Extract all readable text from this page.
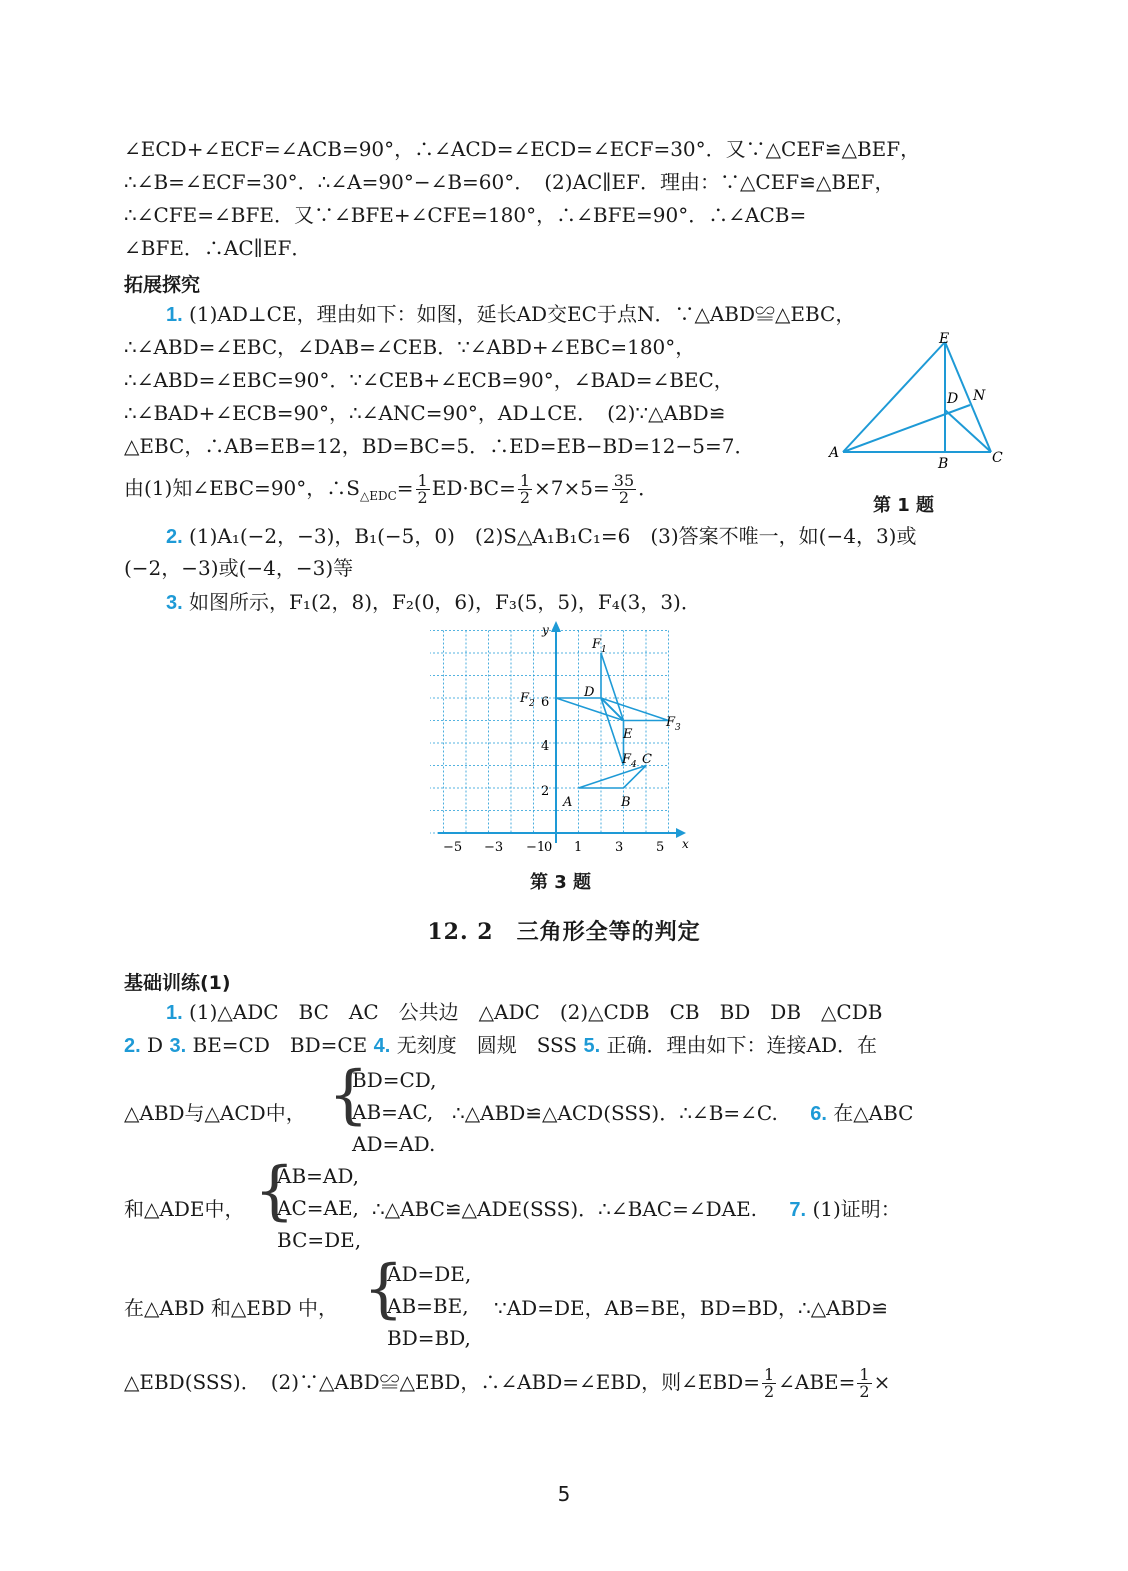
∠ECD+∠ECF=∠ACB=90°，∴∠ACD=∠ECD=∠ECF=30°．又∵△CEF≌△BEF，
∴∠B=∠ECF=30°．∴∠A=90°−∠B=60°．　(2)AC∥EF．理由：∵△CEF≌△BEF，
∴∠CFE=∠BFE．又∵∠BFE+∠CFE=180°，∴∠BFE=90°．∴∠ACB=
∠BFE．∴AC∥EF．
拓展探究
1. (1)AD⊥CE，理由如下：如图，延长AD交EC于点N．∵△ABD≌△EBC，
∴∠ABD=∠EBC，∠DAB=∠CEB．∵∠ABD+∠EBC=180°，
∴∠ABD=∠EBC=90°．∵∠CEB+∠ECB=90°，∠BAD=∠BEC，
∴∠BAD+∠ECB=90°，∴∠ANC=90°，AD⊥CE．　(2)∵△ABD≌
△EBC，∴AB=EB=12，BD=BC=5．∴ED=EB−BD=12−5=7．
由(1)知∠EBC=90°，$\therefore S_{\triangle EDC}= \frac{1}{2} ED\cdot BC= \frac{1}{2} \times 7\times 5= \frac{35}{2}$ ．
E
D N
A
B	C
第 1 题
2. (1)A₁(−2，−3)，B₁(−5，0)　(2)S△A₁B₁C₁=6　(3)答案不唯一，如(−4，3)或
(−2，−3)或(−4，−3)等
3. 如图所示，F₁(2，8)，F₂(0，6)，F₃(5，5)，F₄(3，3)．
x
y
−5 −3 −1
0 1	3	5
6
4
2
$F_1$
$F_2$
$F_3$
$F_4$
D
E
C
A	B
第 3 题
12. 2　三角形全等的判定
基础训练(1)
1. (1)△ADC　BC　AC　公共边　△ADC　(2)△CDB　CB　BD　DB　△CDB
2. D 3. BE=CD　BD=CE 4. 无刻度　圆规　SSS 5. 正确．理由如下：连接AD．在
△ABD与△ACD中， {
BD=CD,
AB=AC,
AD=AD.
∴△ABD≌△ACD(SSS)．∴∠B=∠C. 6. 在△ABC
和△ADE中， {
AB=AD,
AC=AE,
BC=DE,
∴△ABC≌△ADE(SSS)．∴∠BAC=∠DAE. 7. (1)证明：
在△ABD 和△EBD 中， {
AD=DE,
AB=BE,
BD=BD,
∵AD=DE，AB=BE，BD=BD，∴△ABD≌
△EBD(SSS)．　(2)∵△ABD≌△EBD，∴∠ABD=∠EBD，则∠EBD= $\frac{1}{2}$ ∠ABE= $\frac{1}{2}$ ×
5
